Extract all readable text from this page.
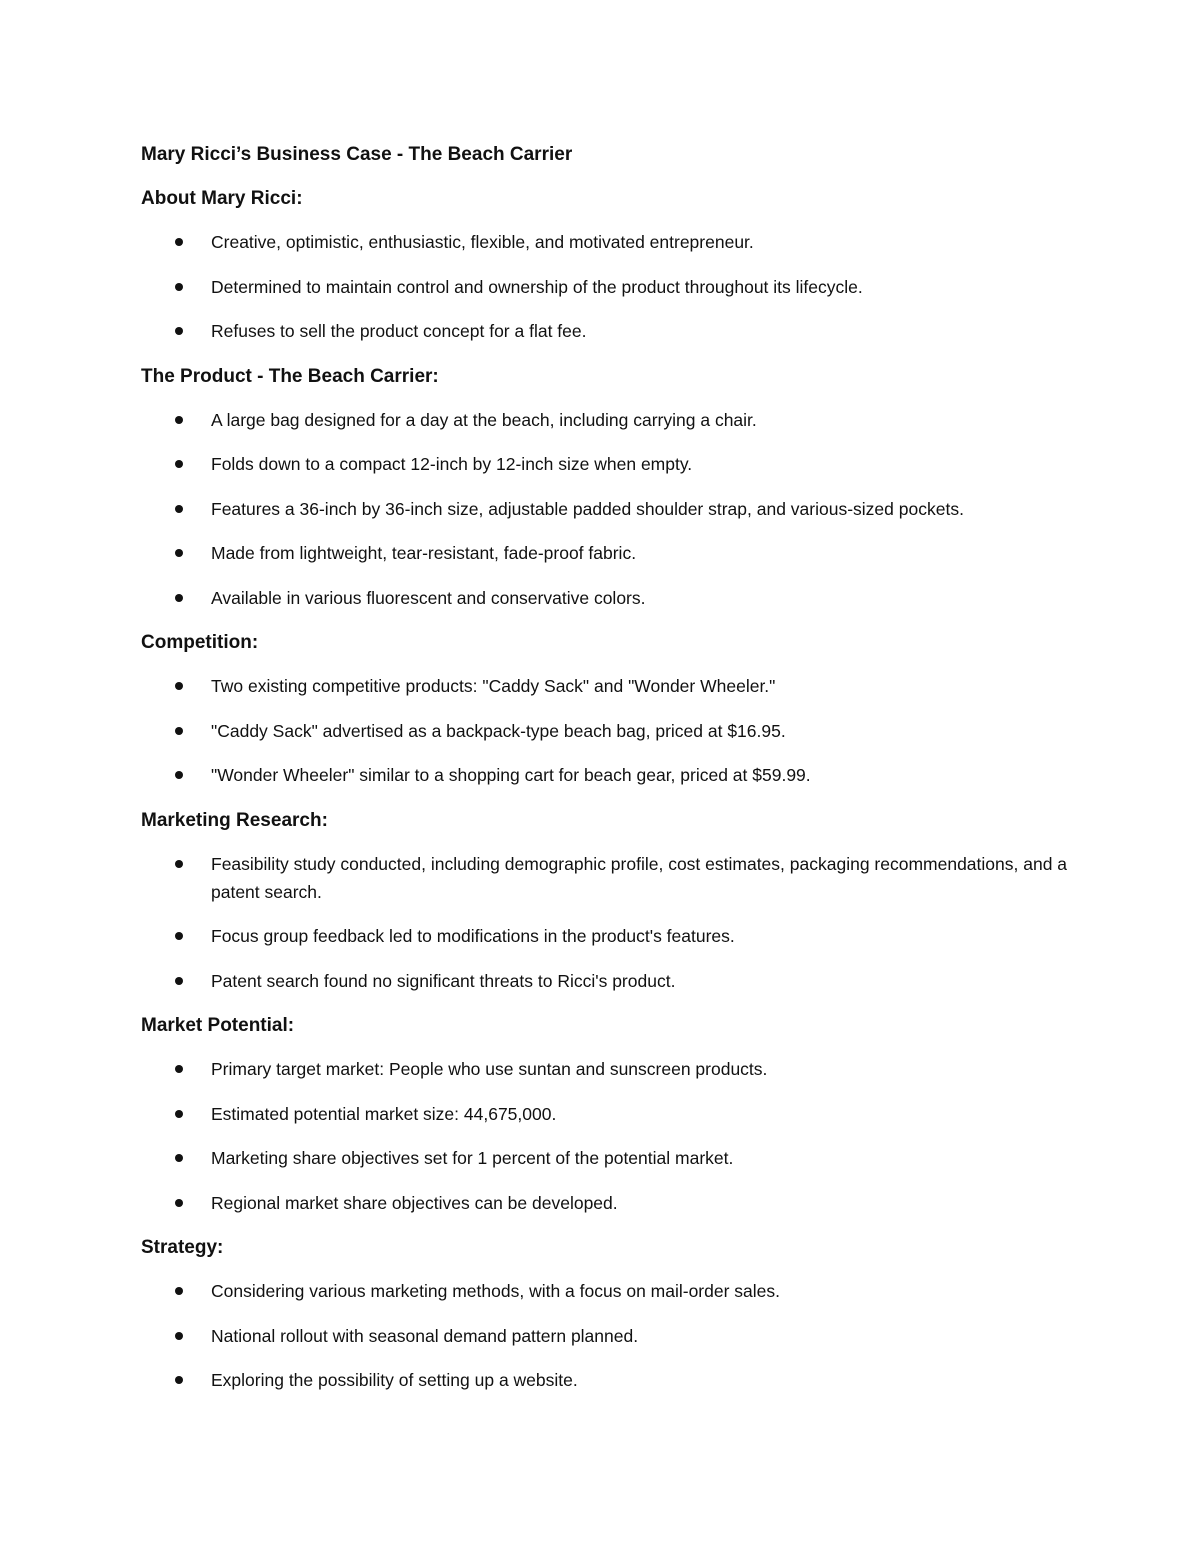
Mary Ricci’s Business Case - The Beach Carrier
About Mary Ricci:
Creative, optimistic, enthusiastic, flexible, and motivated entrepreneur.
Determined to maintain control and ownership of the product throughout its lifecycle.
Refuses to sell the product concept for a flat fee.
The Product - The Beach Carrier:
A large bag designed for a day at the beach, including carrying a chair.
Folds down to a compact 12-inch by 12-inch size when empty.
Features a 36-inch by 36-inch size, adjustable padded shoulder strap, and various-sized pockets.
Made from lightweight, tear-resistant, fade-proof fabric.
Available in various fluorescent and conservative colors.
Competition:
Two existing competitive products: "Caddy Sack" and "Wonder Wheeler."
"Caddy Sack" advertised as a backpack-type beach bag, priced at $16.95.
"Wonder Wheeler" similar to a shopping cart for beach gear, priced at $59.99.
Marketing Research:
Feasibility study conducted, including demographic profile, cost estimates, packaging recommendations, and a patent search.
Focus group feedback led to modifications in the product's features.
Patent search found no significant threats to Ricci's product.
Market Potential:
Primary target market: People who use suntan and sunscreen products.
Estimated potential market size: 44,675,000.
Marketing share objectives set for 1 percent of the potential market.
Regional market share objectives can be developed.
Strategy:
Considering various marketing methods, with a focus on mail-order sales.
National rollout with seasonal demand pattern planned.
Exploring the possibility of setting up a website.
